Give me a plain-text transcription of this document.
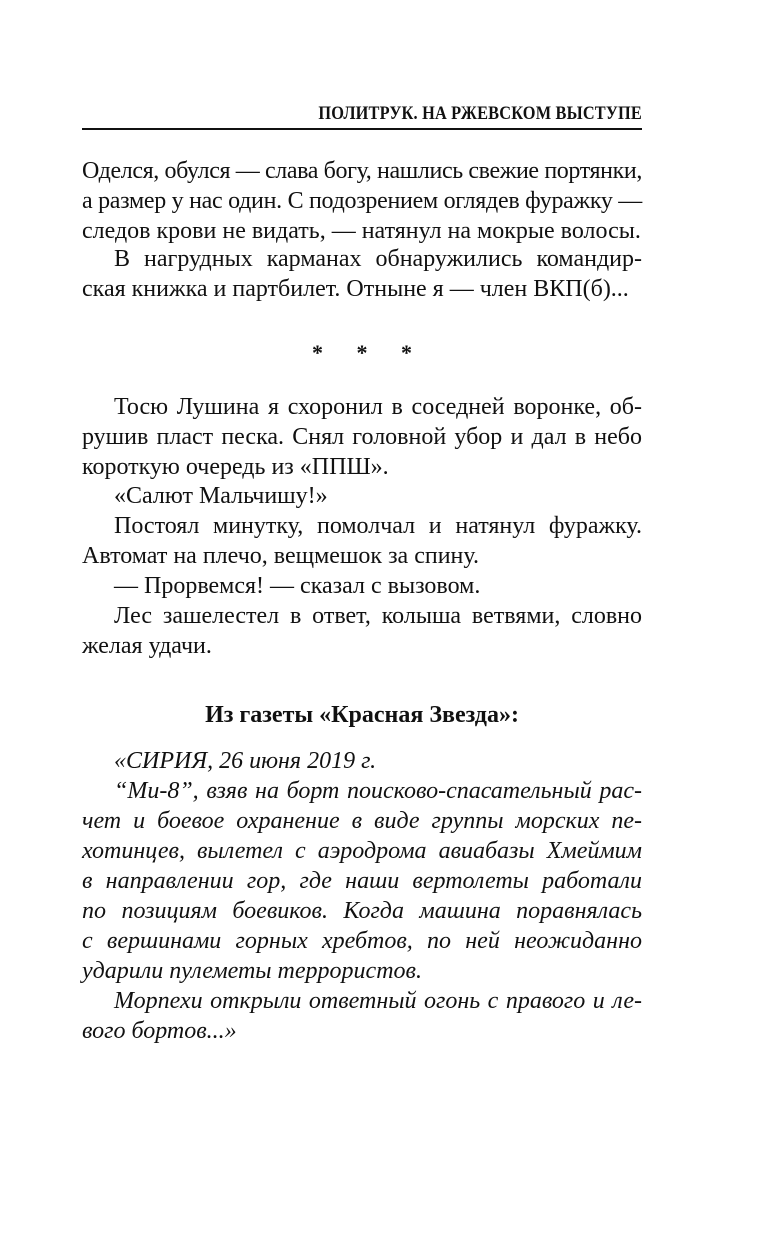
ПОЛИТРУК. НА РЖЕВСКОМ ВЫСТУПЕ
Оделся, обулся — слава богу, нашлись свежие портянки,
а размер у нас один. С подозрением оглядев фуражку —
следов крови не видать, — натянул на мокрые волосы.
В нагрудных карманах обнаружились командир-
ская книжка и партбилет. Отныне я — член ВКП(б)...
* * *
Тосю Лушина я схоронил в соседней воронке, об-
рушив пласт песка. Снял головной убор и дал в небо
короткую очередь из «ППШ».
«Салют Мальчишу!»
Постоял минутку, помолчал и натянул фуражку.
Автомат на плечо, вещмешок за спину.
— Прорвемся! — сказал с вызовом.
Лес зашелестел в ответ, колыша ветвями, словно
желая удачи.
Из газеты «Красная Звезда»:
«СИРИЯ, 26 июня 2019 г.
“Ми-8”, взяв на борт поисково-спасательный рас-
чет и боевое охранение в виде группы морских пе-
хотинцев, вылетел с аэродрома авиабазы Хмеймим
в направлении гор, где наши вертолеты работали
по позициям боевиков. Когда машина поравнялась
с вершинами горных хребтов, по ней неожиданно
ударили пулеметы террористов.
Морпехи открыли ответный огонь с правого и ле-
вого бортов...»
